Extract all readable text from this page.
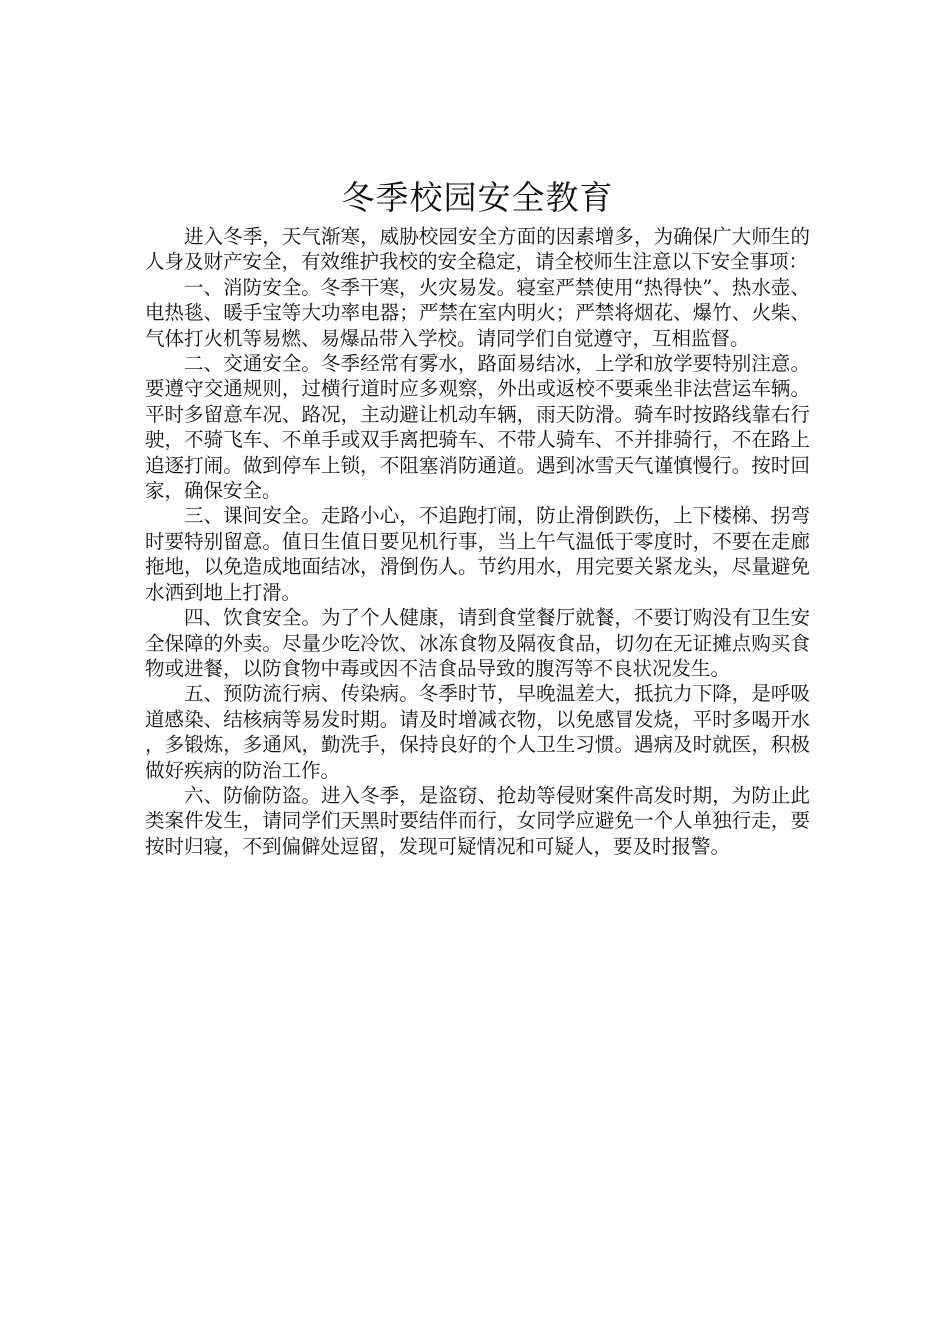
冬季校园安全教育

进入冬季，天气渐寒，威胁校园安全方面的因素增多，为确保广大师生的人身及财产安全，有效维护我校的安全稳定，请全校师生注意以下安全事项：

一、消防安全。冬季干寒，火灾易发。寝室严禁使用“热得快”、热水壶、电热毯、暖手宝等大功率电器；严禁在室内明火；严禁将烟花、爆竹、火柴、气体打火机等易燃、易爆品带入学校。请同学们自觉遵守，互相监督。

二、交通安全。冬季经常有雾水，路面易结冰，上学和放学要特别注意。要遵守交通规则，过横行道时应多观察，外出或返校不要乘坐非法营运车辆。平时多留意车况、路况，主动避让机动车辆，雨天防滑。骑车时按路线靠右行驶，不骑飞车、不单手或双手离把骑车、不带人骑车、不并排骑行，不在路上追逐打闹。做到停车上锁，不阻塞消防通道。遇到冰雪天气谨慎慢行。按时回家，确保安全。

三、课间安全。走路小心，不追跑打闹，防止滑倒跌伤，上下楼梯、拐弯时要特别留意。值日生值日要见机行事，当上午气温低于零度时，不要在走廊拖地，以免造成地面结冰，滑倒伤人。节约用水，用完要关紧龙头，尽量避免水洒到地上打滑。

四、饮食安全。为了个人健康，请到食堂餐厅就餐，不要订购没有卫生安全保障的外卖。尽量少吃冷饮、冰冻食物及隔夜食品，切勿在无证摊点购买食物或进餐，以防食物中毒或因不洁食品导致的腹泻等不良状况发生。

五、预防流行病、传染病。冬季时节，早晚温差大，抵抗力下降，是呼吸道感染、结核病等易发时期。请及时增减衣物，以免感冒发烧，平时多喝开水，多锻炼，多通风，勤洗手，保持良好的个人卫生习惯。遇病及时就医，积极做好疾病的防治工作。

六、防偷防盗。进入冬季，是盗窃、抢劫等侵财案件高发时期，为防止此类案件发生，请同学们天黑时要结伴而行，女同学应避免一个人单独行走，要按时归寝，不到偏僻处逗留，发现可疑情况和可疑人，要及时报警。
